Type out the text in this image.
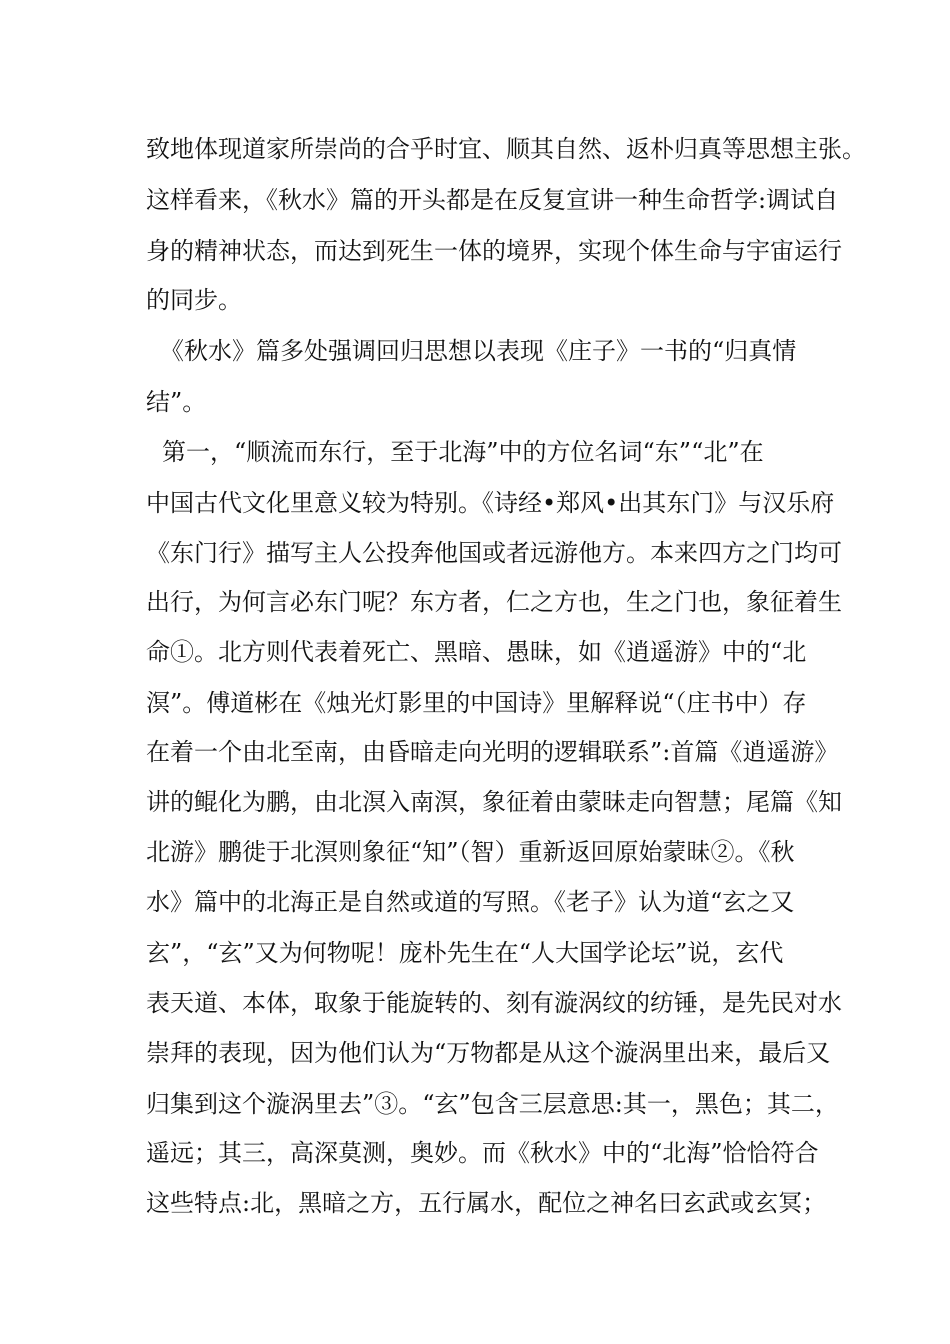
致地体现道家所崇尚的合乎时宜、顺其自然、返朴归真等思想主张。
这样看来，《秋水》篇的开头都是在反复宣讲一种生命哲学:调试自
身的精神状态，而达到死生一体的境界，实现个体生命与宇宙运行
的同步。
《秋水》篇多处强调回归思想以表现《庄子》一书的“归真情
结”。
第一，“顺流而东行，至于北海”中的方位名词“东”“北”在
中国古代文化里意义较为特别。《诗经•郑风•出其东门》与汉乐府
《东门行》描写主人公投奔他国或者远游他方。本来四方之门均可
出行，为何言必东门呢？东方者，仁之方也，生之门也，象征着生
命①。北方则代表着死亡、黑暗、愚昧，如《逍遥游》中的“北
溟”。傅道彬在《烛光灯影里的中国诗》里解释说“（庄书中）存
在着一个由北至南，由昏暗走向光明的逻辑联系”:首篇《逍遥游》
讲的鲲化为鹏，由北溟入南溟，象征着由蒙昧走向智慧；尾篇《知
北游》鹏徙于北溟则象征“知”（智）重新返回原始蒙昧②。《秋
水》篇中的北海正是自然或道的写照。《老子》认为道“玄之又
玄”，“玄”又为何物呢！庞朴先生在“人大国学论坛”说，玄代
表天道、本体，取象于能旋转的、刻有漩涡纹的纺锤，是先民对水
崇拜的表现，因为他们认为“万物都是从这个漩涡里出来，最后又
归集到这个漩涡里去”③。“玄”包含三层意思:其一，黑色；其二，
遥远；其三，高深莫测，奥妙。而《秋水》中的“北海”恰恰符合
这些特点:北，黑暗之方，五行属水，配位之神名曰玄武或玄冥；
